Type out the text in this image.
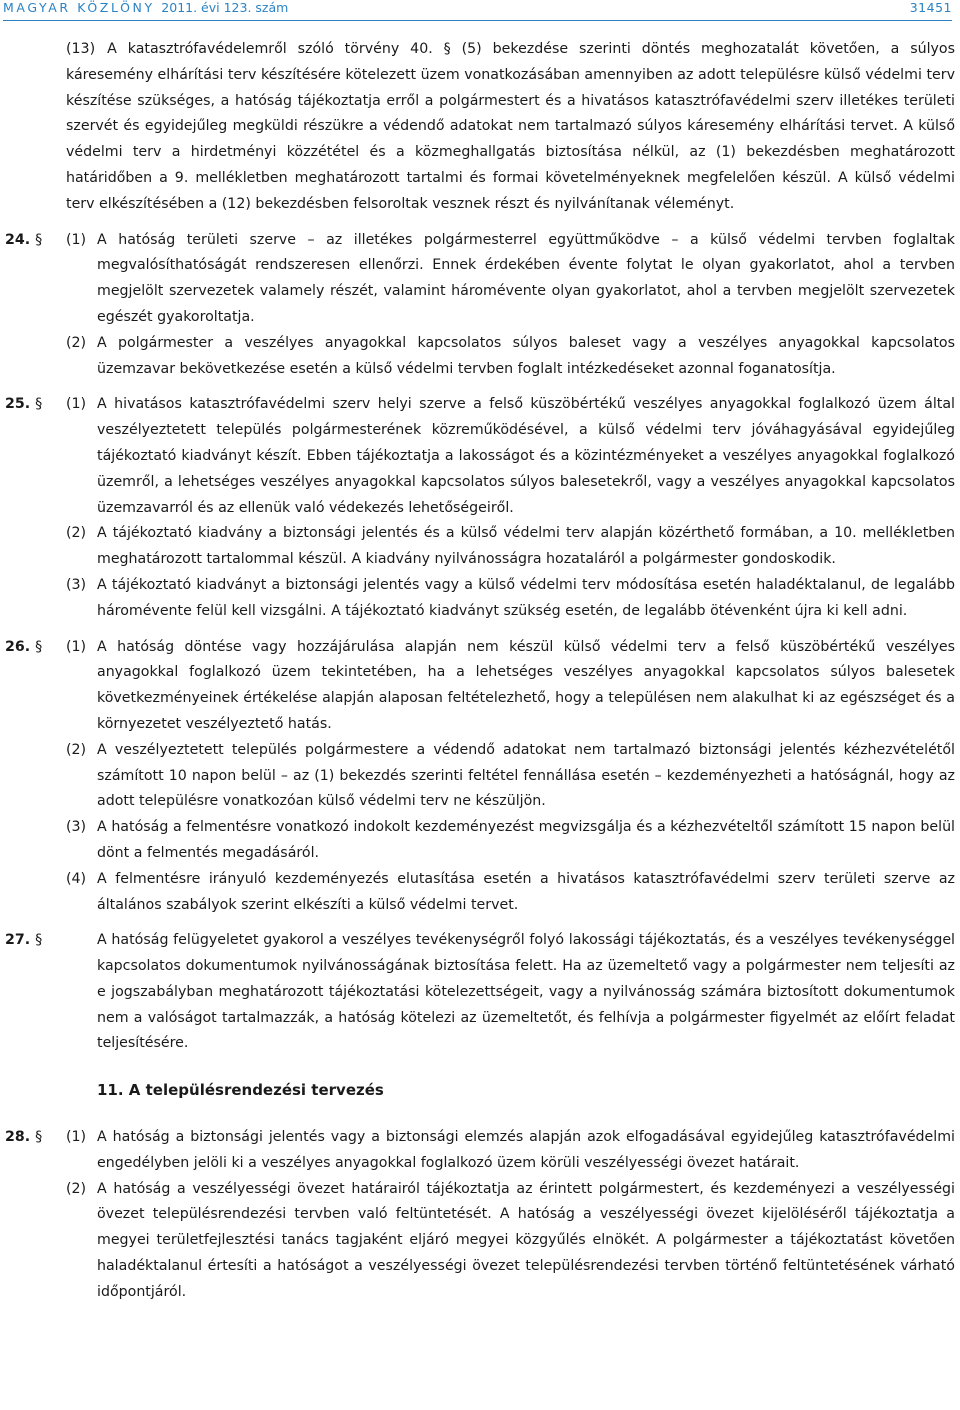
MAGYAR KÖZLÖNY 2011. évi 123. szám	31451
(13) A katasztrófavédelemről szóló törvény 40. § (5) bekezdése szerinti döntés meghozatalát követően, a súlyos káresemény elhárítási terv készítésére kötelezett üzem vonatkozásában amennyiben az adott településre külső védelmi terv készítése szükséges, a hatóság tájékoztatja erről a polgármestert és a hivatásos katasztrófavédelmi szerv illetékes területi szervét és egyidejűleg megküldi részükre a védendő adatokat nem tartalmazó súlyos káresemény elhárítási tervet. A külső védelmi terv a hirdetményi közzététel és a közmeghallgatás biztosítása nélkül, az (1) bekezdésben meghatározott határidőben a 9. mellékletben meghatározott tartalmi és formai követelményeknek megfelelően készül. A külső védelmi terv elkészítésében a (12) bekezdésben felsoroltak vesznek részt és nyilvánítanak véleményt.
24. § (1) A hatóság területi szerve – az illetékes polgármesterrel együttműködve – a külső védelmi tervben foglaltak megvalósíthatóságát rendszeresen ellenőrzi. Ennek érdekében évente folytat le olyan gyakorlatot, ahol a tervben megjelölt szervezetek valamely részét, valamint háromévente olyan gyakorlatot, ahol a tervben megjelölt szervezetek egészét gyakoroltatja.
(2) A polgármester a veszélyes anyagokkal kapcsolatos súlyos baleset vagy a veszélyes anyagokkal kapcsolatos üzemzavar bekövetkezése esetén a külső védelmi tervben foglalt intézkedéseket azonnal foganatosítja.
25. § (1) A hivatásos katasztrófavédelmi szerv helyi szerve a felső küszöbértékű veszélyes anyagokkal foglalkozó üzem által veszélyeztetett település polgármesterének közreműködésével, a külső védelmi terv jóváhagyásával egyidejűleg tájékoztató kiadványt készít. Ebben tájékoztatja a lakosságot és a közintézményeket a veszélyes anyagokkal foglalkozó üzemről, a lehetséges veszélyes anyagokkal kapcsolatos súlyos balesetekről, vagy a veszélyes anyagokkal kapcsolatos üzemzavarról és az ellenük való védekezés lehetőségeiről.
(2) A tájékoztató kiadvány a biztonsági jelentés és a külső védelmi terv alapján közérthető formában, a 10. mellékletben meghatározott tartalommal készül. A kiadvány nyilvánosságra hozataláról a polgármester gondoskodik.
(3) A tájékoztató kiadványt a biztonsági jelentés vagy a külső védelmi terv módosítása esetén haladéktalanul, de legalább háromévente felül kell vizsgálni. A tájékoztató kiadványt szükség esetén, de legalább ötévenként újra ki kell adni.
26. § (1) A hatóság döntése vagy hozzájárulása alapján nem készül külső védelmi terv a felső küszöbértékű veszélyes anyagokkal foglalkozó üzem tekintetében, ha a lehetséges veszélyes anyagokkal kapcsolatos súlyos balesetek következményeinek értékelése alapján alaposan feltételezhető, hogy a településen nem alakulhat ki az egészséget és a környezetet veszélyeztető hatás.
(2) A veszélyeztetett település polgármestere a védendő adatokat nem tartalmazó biztonsági jelentés kézhezvételétől számított 10 napon belül – az (1) bekezdés szerinti feltétel fennállása esetén – kezdeményezheti a hatóságnál, hogy az adott településre vonatkozóan külső védelmi terv ne készüljön.
(3) A hatóság a felmentésre vonatkozó indokolt kezdeményezést megvizsgálja és a kézhezvételtől számított 15 napon belül dönt a felmentés megadásáról.
(4) A felmentésre irányuló kezdeményezés elutasítása esetén a hivatásos katasztrófavédelmi szerv területi szerve az általános szabályok szerint elkészíti a külső védelmi tervet.
27. §	A hatóság felügyeletet gyakorol a veszélyes tevékenységről folyó lakossági tájékoztatás, és a veszélyes tevékenységgel kapcsolatos dokumentumok nyilvánosságának biztosítása felett. Ha az üzemeltető vagy a polgármester nem teljesíti az e jogszabályban meghatározott tájékoztatási kötelezettségeit, vagy a nyilvánosság számára biztosított dokumentumok nem a valóságot tartalmazzák, a hatóság kötelezi az üzemeltetőt, és felhívja a polgármester figyelmét az előírt feladat teljesítésére.
11. A településrendezési tervezés
28. § (1) A hatóság a biztonsági jelentés vagy a biztonsági elemzés alapján azok elfogadásával egyidejűleg katasztrófavédelmi engedélyben jelöli ki a veszélyes anyagokkal foglalkozó üzem körüli veszélyességi övezet határait.
(2) A hatóság a veszélyességi övezet határairól tájékoztatja az érintett polgármestert, és kezdeményezi a veszélyességi övezet településrendezési tervben való feltüntetését. A hatóság a veszélyességi övezet kijelöléséről tájékoztatja a megyei területfejlesztési tanács tagjaként eljáró megyei közgyűlés elnökét. A polgármester a tájékoztatást követően haladéktalanul értesíti a hatóságot a veszélyességi övezet településrendezési tervben történő feltüntetésének várható időpontjáról.
